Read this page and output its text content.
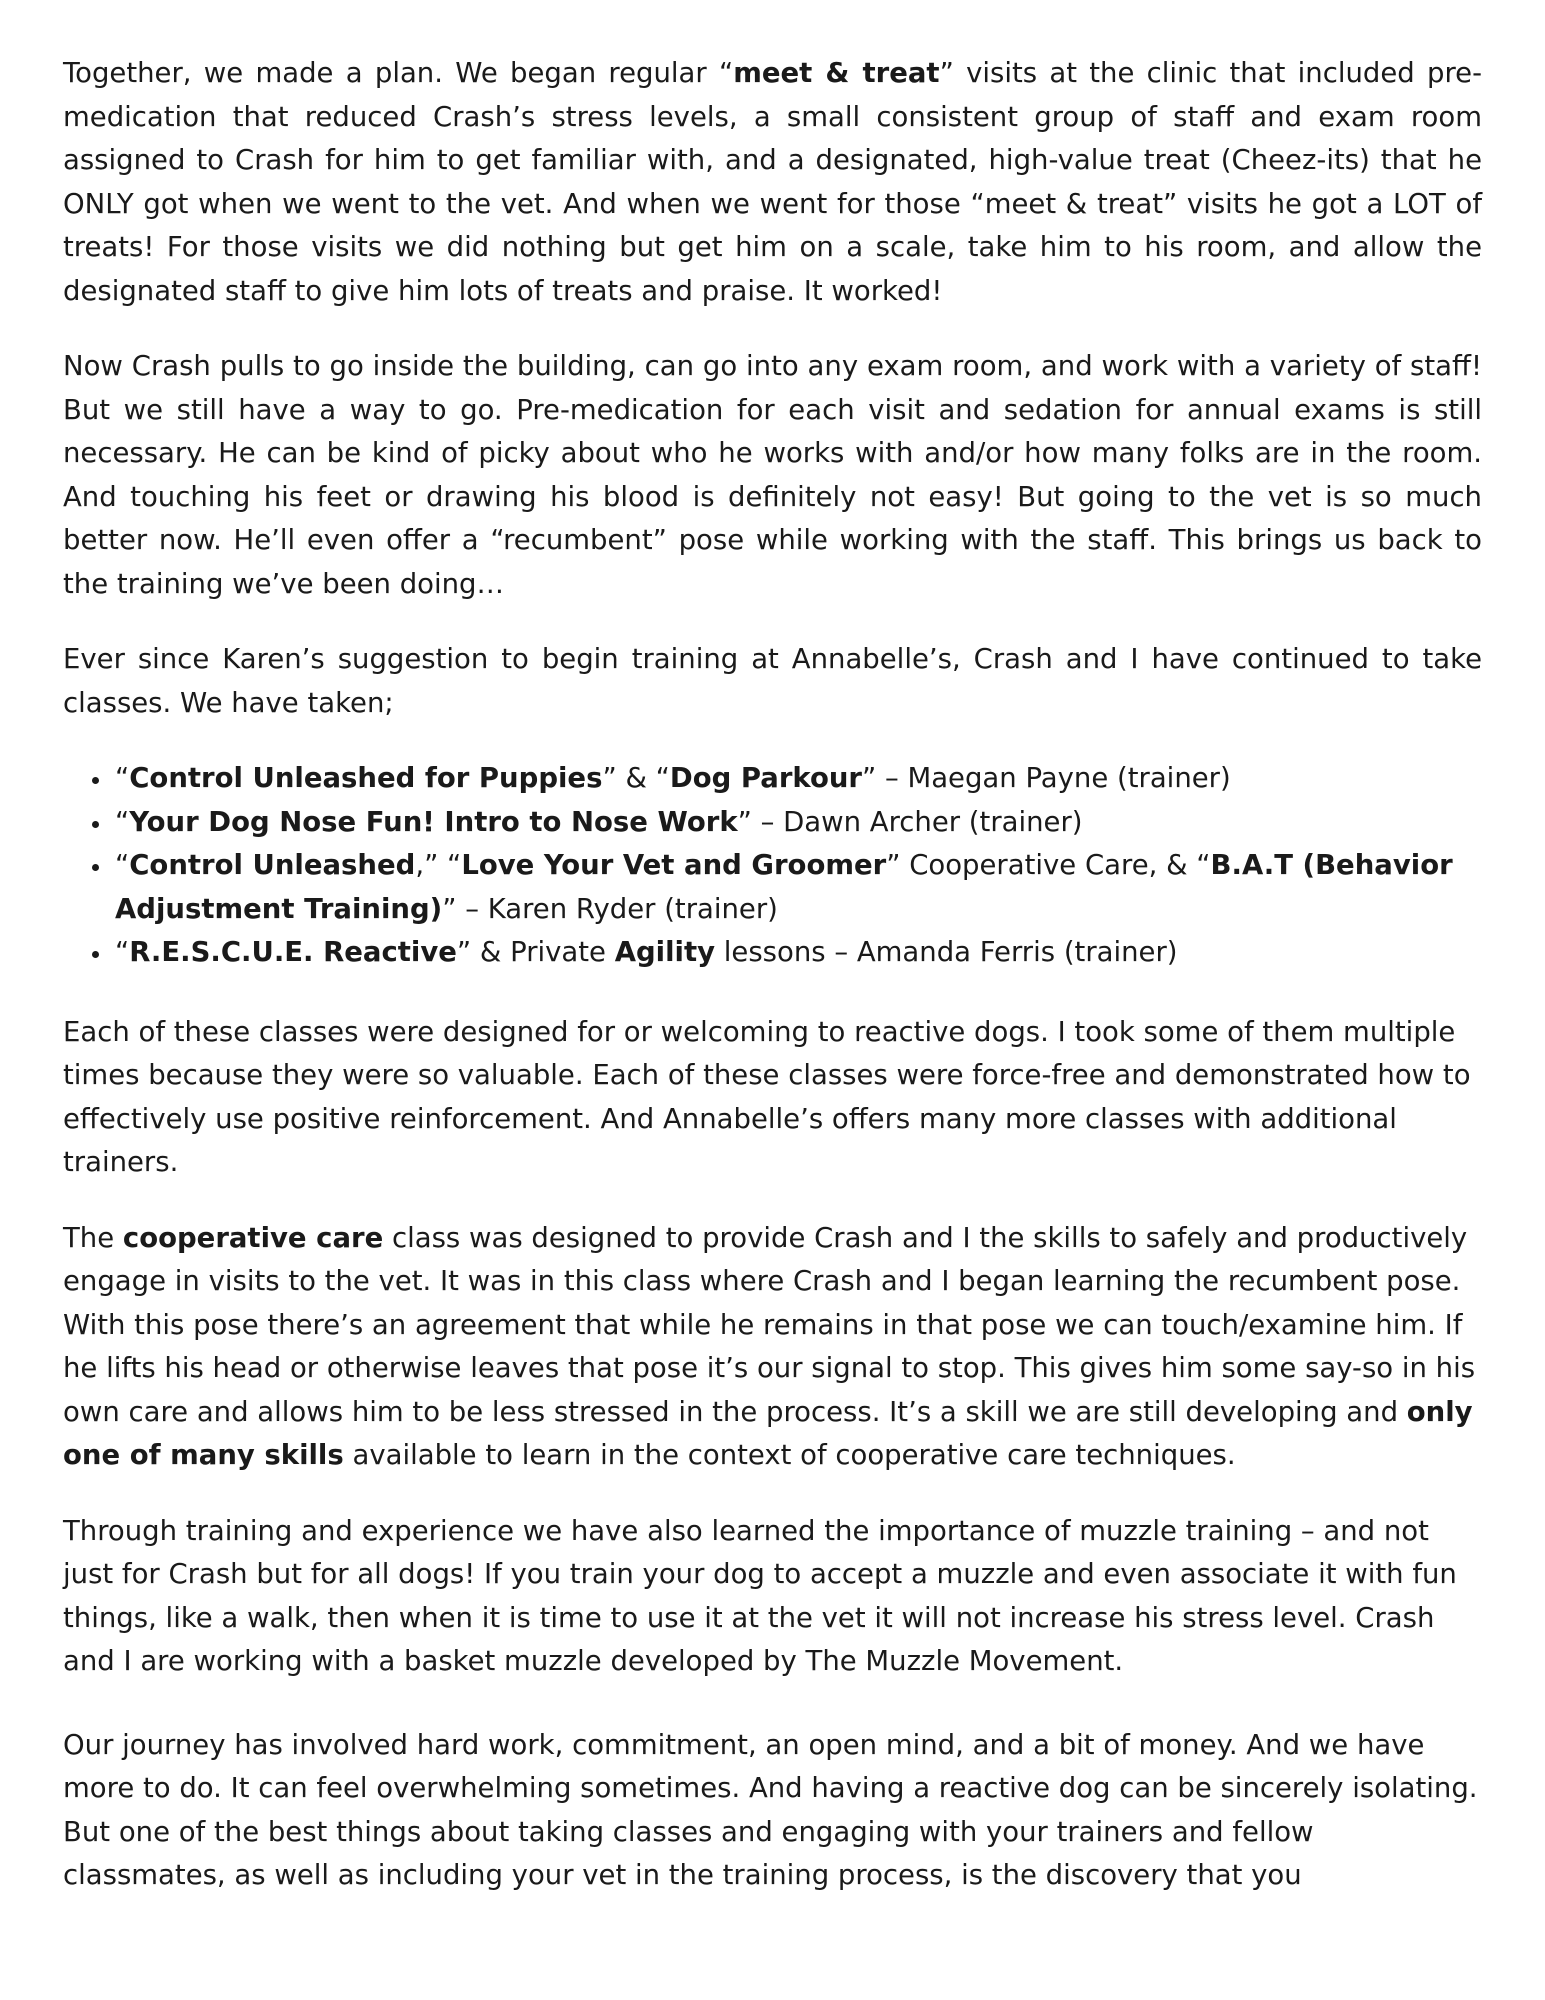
Together, we made a plan. We began regular “meet & treat” visits at the clinic that included pre-medication that reduced Crash’s stress levels, a small consistent group of staff and exam room assigned to Crash for him to get familiar with, and a designated, high-value treat (Cheez-its) that he ONLY got when we went to the vet. And when we went for those “meet & treat” visits he got a LOT of treats! For those visits we did nothing but get him on a scale, take him to his room, and allow the designated staff to give him lots of treats and praise. It worked!

Now Crash pulls to go inside the building, can go into any exam room, and work with a variety of staff! But we still have a way to go. Pre-medication for each visit and sedation for annual exams is still necessary. He can be kind of picky about who he works with and/or how many folks are in the room. And touching his feet or drawing his blood is definitely not easy! But going to the vet is so much better now. He’ll even offer a “recumbent” pose while working with the staff. This brings us back to the training we’ve been doing…

Ever since Karen’s suggestion to begin training at Annabelle’s, Crash and I have continued to take classes. We have taken;

• “Control Unleashed for Puppies” & “Dog Parkour” – Maegan Payne (trainer)
• “Your Dog Nose Fun! Intro to Nose Work” – Dawn Archer (trainer)
• “Control Unleashed,” “Love Your Vet and Groomer” Cooperative Care, & “B.A.T (Behavior Adjustment Training)” – Karen Ryder (trainer)
• “R.E.S.C.U.E. Reactive” & Private Agility lessons – Amanda Ferris (trainer)

Each of these classes were designed for or welcoming to reactive dogs. I took some of them multiple times because they were so valuable. Each of these classes were force-free and demonstrated how to effectively use positive reinforcement. And Annabelle’s offers many more classes with additional trainers.

The cooperative care class was designed to provide Crash and I the skills to safely and productively engage in visits to the vet. It was in this class where Crash and I began learning the recumbent pose. With this pose there’s an agreement that while he remains in that pose we can touch/examine him. If he lifts his head or otherwise leaves that pose it’s our signal to stop. This gives him some say-so in his own care and allows him to be less stressed in the process. It’s a skill we are still developing and only one of many skills available to learn in the context of cooperative care techniques.

Through training and experience we have also learned the importance of muzzle training – and not just for Crash but for all dogs! If you train your dog to accept a muzzle and even associate it with fun things, like a walk, then when it is time to use it at the vet it will not increase his stress level. Crash and I are working with a basket muzzle developed by The Muzzle Movement.

Our journey has involved hard work, commitment, an open mind, and a bit of money. And we have more to do. It can feel overwhelming sometimes. And having a reactive dog can be sincerely isolating. But one of the best things about taking classes and engaging with your trainers and fellow classmates, as well as including your vet in the training process, is the discovery that you
